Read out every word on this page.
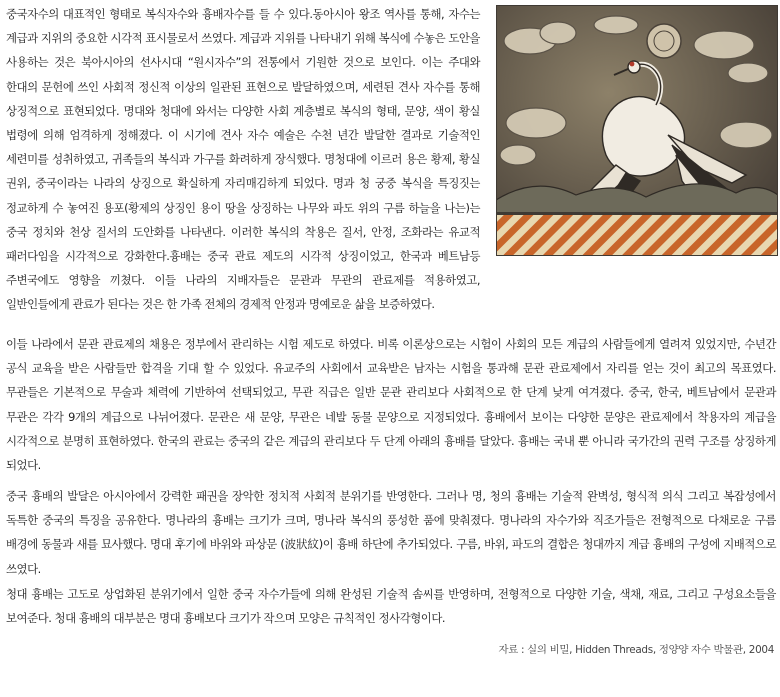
중국자수의 대표적인 형태로 복식자수와 흉배자수를 들 수 있다.동아시아 왕조 역사를 통해, 자수는 계급과 지위의 중요한 시각적 표시물로서 쓰였다. 계급과 지위를 나타내기 위해 복식에 수놓은 도안을 사용하는 것은 북아시아의 선사시대 “원시자수”의 전통에서 기원한 것으로 보인다. 이는 주대와 한대의 문헌에 쓰인 사회적 정신적 이상의 일관된 표현으로 발달하였으며, 세련된 견사 자수를 통해 상징적으로 표현되었다. 명대와 청대에 와서는 다양한 사회 계층별로 복식의 형태, 문양, 색이 황실 법령에 의해 엄격하게 정해졌다. 이 시기에 견사 자수 예술은 수천 년간 발달한 결과로 기술적인 세련미를 성취하였고, 귀족들의 복식과 가구를 화려하게 장식했다. 명청대에 이르러 용은 황제, 황실 권위, 중국이라는 나라의 상징으로 확실하게 자리매김하게 되었다. 명과 청 궁중 복식을 특징짓는 정교하게 수 놓여진 용포(황제의 상징인 용이 땅을 상징하는 나무와 파도 위의 구름 하늘을 나는)는 중국 정치와 천상 질서의 도안화를 나타낸다. 이러한 복식의 착용은 질서, 안정, 조화라는 유교적 패러다임을 시각적으로 강화한다.흉배는 중국 관료 제도의 시각적 상징이었고, 한국과 베트남등 주변국에도 영향을 끼쳤다. 이들 나라의 지배자들은 문관과 무관의 관료제를 적용하였고, 일반인들에게 관료가 된다는 것은 한 가족 전체의 경제적 안정과 명예로운 삶을 보증하였다.

이들 나라에서 문관 관료제의 채용은 정부에서 관리하는 시험 제도로 하였다. 비록 이론상으로는 시험이 사회의 모든 계급의 사람들에게 열려져 있었지만, 수년간 공식 교육을 받은 사람들만 합격을 기대 할 수 있었다. 유교주의 사회에서 교육받은 남자는 시험을 통과해 문관 관료제에서 자리를 얻는 것이 최고의 목표였다. 무관들은 기본적으로 무술과 체력에 기반하여 선택되었고, 무관 직급은 일반 문관 관리보다 사회적으로 한 단계 낮게 여겨졌다. 중국, 한국, 베트남에서 문관과 무관은 각각 9개의 계급으로 나뉘어졌다. 문관은 새 문양, 무관은 네발 동물 문양으로 지정되었다. 흉배에서 보이는 다양한 문양은 관료제에서 착용자의 계급을 시각적으로 분명히 표현하였다. 한국의 관료는 중국의 같은 계급의 관리보다 두 단계 아래의 흉배를 달았다. 흉배는 국내 뿐 아니라 국가간의 권력 구조를 상징하게 되었다.

중국 흉배의 발달은 아시아에서 강력한 패권을 장악한 정치적 사회적 분위기를 반영한다. 그러나 명, 청의 흉배는 기술적 완벽성, 형식적 의식 그리고 복잡성에서 독특한 중국의 특징을 공유한다. 명나라의 흉배는 크기가 크며, 명나라 복식의 풍성한 품에 맞춰졌다. 명나라의 자수가와 직조가들은 전형적으로 다채로운 구름 배경에 동물과 새를 묘사했다. 명대 후기에 바위와 파상문 (波狀紋)이 흉배 하단에 추가되었다. 구름, 바위, 파도의 결합은 청대까지 계급 흉배의 구성에 지배적으로 쓰였다.

청대 흉배는 고도로 상업화된 분위기에서 일한 중국 자수가들에 의해 완성된 기술적 솜씨를 반영하며, 전형적으로 다양한 기술, 색채, 재료, 그리고 구성요소들을 보여준다. 청대 흉배의 대부분은 명대 흉배보다 크기가 작으며 모양은 규칙적인 정사각형이다.

자료 : 실의 비밀, Hidden Threads, 정양양 자수 박물관, 2004
